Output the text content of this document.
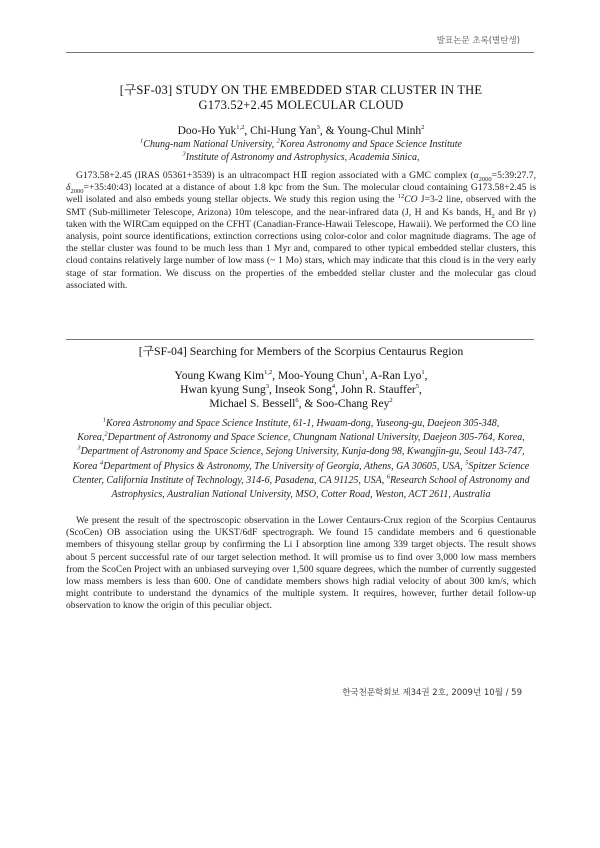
발표논문 초록(별탄생)
[구SF-03] STUDY ON THE EMBEDDED STAR CLUSTER IN THE
G173.52+2.45 MOLECULAR CLOUD
Doo-Ho Yuk$^{1,2}$, Chi-Hung Yan$^3$, & Young-Chul Minh$^2$
$^1$Chung-nam National University, $^2$Korea Astronomy and Space Science Institute
$^3$Institute of Astronomy and Astrophysics, Academia Sinica,
G173.58+2.45 (IRAS 05361+3539) is an ultracompact HⅡ region associated with a GMC complex ($\alpha_{2000}=5:39:27.7$, $\delta_{2000}=+35:40:43$) located at a distance of about 1.8 kpc from the Sun. The molecular cloud containing G173.58+2.45 is well isolated and also embeds young stellar objects. We study this region using the $^{12}$CO J=3-2 line, observed with the SMT (Sub-millimeter Telescope, Arizona) 10m telescope, and the near-infrared data (J, H and Ks bands, $H_2$ and Br γ) taken with the WIRCam equipped on the CFHT (Canadian-France-Hawaii Telescope, Hawaii). We performed the CO line analysis, point source identifications, extinction corrections using color-color and color magnitude diagrams. The age of the stellar cluster was found to be much less than 1 Myr and, compared to other typical embedded stellar clusters, this cloud contains relatively large number of low mass (~ 1 Mo) stars, which may indicate that this cloud is in the very early stage of star formation. We discuss on the properties of the embedded stellar cluster and the molecular gas cloud associated with.
[구SF-04] Searching for Members of the Scorpius Centaurus Region
Young Kwang Kim$^{1,2}$, Moo-Young Chun$^1$, A-Ran Lyo$^1$,
Hwan kyung Sung$^3$, Inseok Song$^4$, John R. Stauffer$^5$,
Michael S. Bessell$^6$, & Soo-Chang Rey$^2$
$^1$Korea Astronomy and Space Science Institute, 61-1, Hwaam-dong, Yuseong-gu, Daejeon 305-348, Korea,$^2$Department of Astronomy and Space Science, Chungnam National University, Daejeon 305-764, Korea, $^3$Department of Astronomy and Space Science, Sejong University, Kunja-dong 98, Kwangjin-gu, Seoul 143-747, Korea $^4$Department of Physics & Astronomy, The University of Georgia, Athens, GA 30605, USA, $^5$Spitzer Science Ctenter, California Institute of Technology, 314-6, Pasadena, CA 91125, USA, $^6$Research School of Astronomy and Astrophysics, Australian National University, MSO, Cotter Road, Weston, ACT 2611, Australia
We present the result of the spectroscopic observation in the Lower Centaurs-Crux region of the Scorpius Centaurus (ScoCen) OB association using the UKST/6dF spectrograph. We found 15 candidate members and 6 questionable members of thisyoung stellar group by confirming the Li I absorption line among 339 target objects. The result shows about 5 percent successful rate of our target selection method. It will promise us to find over 3,000 low mass members from the ScoCen Project with an unbiased surveying over 1,500 square degrees, which the number of currently suggested low mass members is less than 600. One of candidate members shows high radial velocity of about 300 km/s, which might contribute to understand the dynamics of the multiple system. It requires, however, further detail follow-up observation to know the origin of this peculiar object.
한국천문학회보 제34권 2호, 2009년 10월 / 59
